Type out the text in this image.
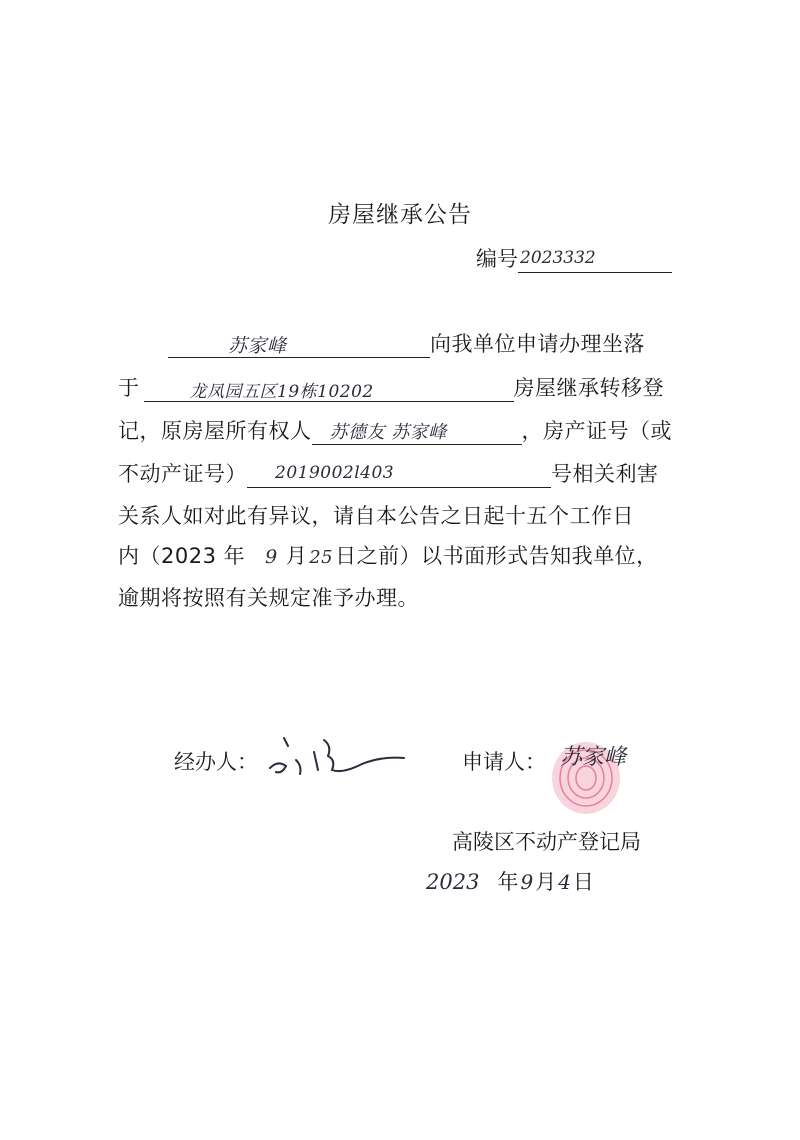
房屋继承公告
编号 2023332
苏家峰	向我单位申请办理坐落
于	龙凤园五区19栋10202	房屋继承转移登
记，原房屋所有权人 苏德友 苏家峰	，房产证号（或
不动产证号） 2019002l403	号相关利害
关系人如对此有异议，请自本公告之日起十五个工作日
内（2023 年 9 月 25日之前）以书面形式告知我单位，
逾期将按照有关规定准予办理。
经办人：	申请人： 苏家峰
高陵区不动产登记局
2023 年 9月 4日
